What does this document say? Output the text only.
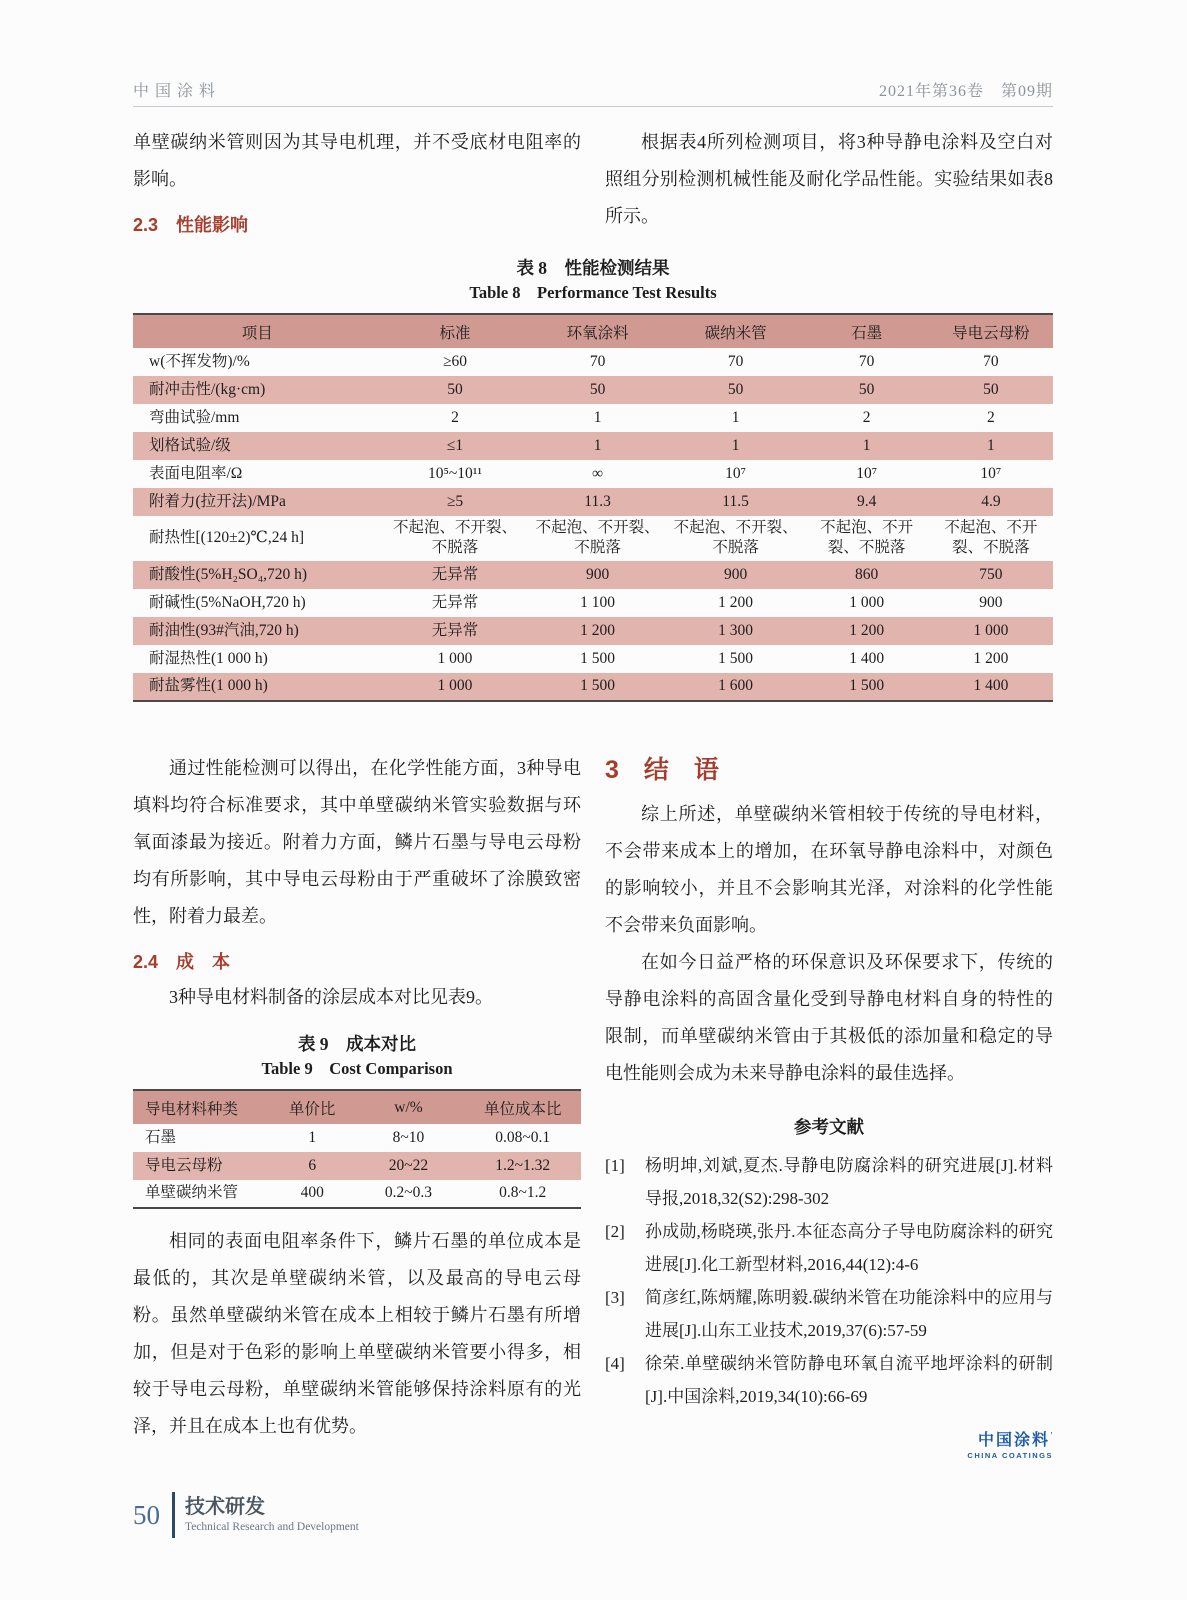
中国涂料	2021年第36卷　第09期

单壁碳纳米管则因为其导电机理，并不受底材电阻率的影响。

2.3　性能影响

根据表4所列检测项目，将3种导静电涂料及空白对照组分别检测机械性能及耐化学品性能。实验结果如表8所示。

表 8　性能检测结果
Table 8　Performance Test Results
项目	标准	环氧涂料	碳纳米管	石墨	导电云母粉
w(不挥发物)/%	≥60	70	70	70	70
耐冲击性/(kg·cm)	50	50	50	50	50
弯曲试验/mm	2	1	1	2	2
划格试验/级	≤1	1	1	1	1
表面电阻率/Ω	10⁵~10¹¹	∞	10⁷	10⁷	10⁷
附着力(拉开法)/MPa	≥5	11.3	11.5	9.4	4.9
耐热性[(120±2)℃,24 h]	不起泡、不开裂、不脱落	不起泡、不开裂、不脱落	不起泡、不开裂、不脱落	不起泡、不开裂、不脱落	不起泡、不开裂、不脱落
耐酸性(5%H₂SO₄,720 h)	无异常	900	900	860	750
耐碱性(5%NaOH,720 h)	无异常	1 100	1 200	1 000	900
耐油性(93#汽油,720 h)	无异常	1 200	1 300	1 200	1 000
耐湿热性(1 000 h)	1 000	1 500	1 500	1 400	1 200
耐盐雾性(1 000 h)	1 000	1 500	1 600	1 500	1 400

通过性能检测可以得出，在化学性能方面，3种导电填料均符合标准要求，其中单壁碳纳米管实验数据与环氧面漆最为接近。附着力方面，鳞片石墨与导电云母粉均有所影响，其中导电云母粉由于严重破坏了涂膜致密性，附着力最差。

2.4　成　本

3种导电材料制备的涂层成本对比见表9。

表 9　成本对比
Table 9　Cost Comparison
导电材料种类	单价比	w/%	单位成本比
石墨	1	8~10	0.08~0.1
导电云母粉	6	20~22	1.2~1.32
单壁碳纳米管	400	0.2~0.3	0.8~1.2

相同的表面电阻率条件下，鳞片石墨的单位成本是最低的，其次是单壁碳纳米管，以及最高的导电云母粉。虽然单壁碳纳米管在成本上相较于鳞片石墨有所增加，但是对于色彩的影响上单壁碳纳米管要小得多，相较于导电云母粉，单壁碳纳米管能够保持涂料原有的光泽，并且在成本上也有优势。

3　结　语

综上所述，单壁碳纳米管相较于传统的导电材料，不会带来成本上的增加，在环氧导静电涂料中，对颜色的影响较小，并且不会影响其光泽，对涂料的化学性能不会带来负面影响。

在如今日益严格的环保意识及环保要求下，传统的导静电涂料的高固含量化受到导静电材料自身的特性的限制，而单壁碳纳米管由于其极低的添加量和稳定的导电性能则会成为未来导静电涂料的最佳选择。

参考文献
[1]	杨明坤,刘斌,夏杰.导静电防腐涂料的研究进展[J].材料导报,2018,32(S2):298-302
[2]	孙成勋,杨晓瑛,张丹.本征态高分子导电防腐涂料的研究进展[J].化工新型材料,2016,44(12):4-6
[3]	简彦红,陈炳耀,陈明毅.碳纳米管在功能涂料中的应用与进展[J].山东工业技术,2019,37(6):57-59
[4]	徐荣.单壁碳纳米管防静电环氧自流平地坪涂料的研制[J].中国涂料,2019,34(10):66-69
中国涂料’
CHINA COATINGS
50 技术研发
Technical Research and Development
